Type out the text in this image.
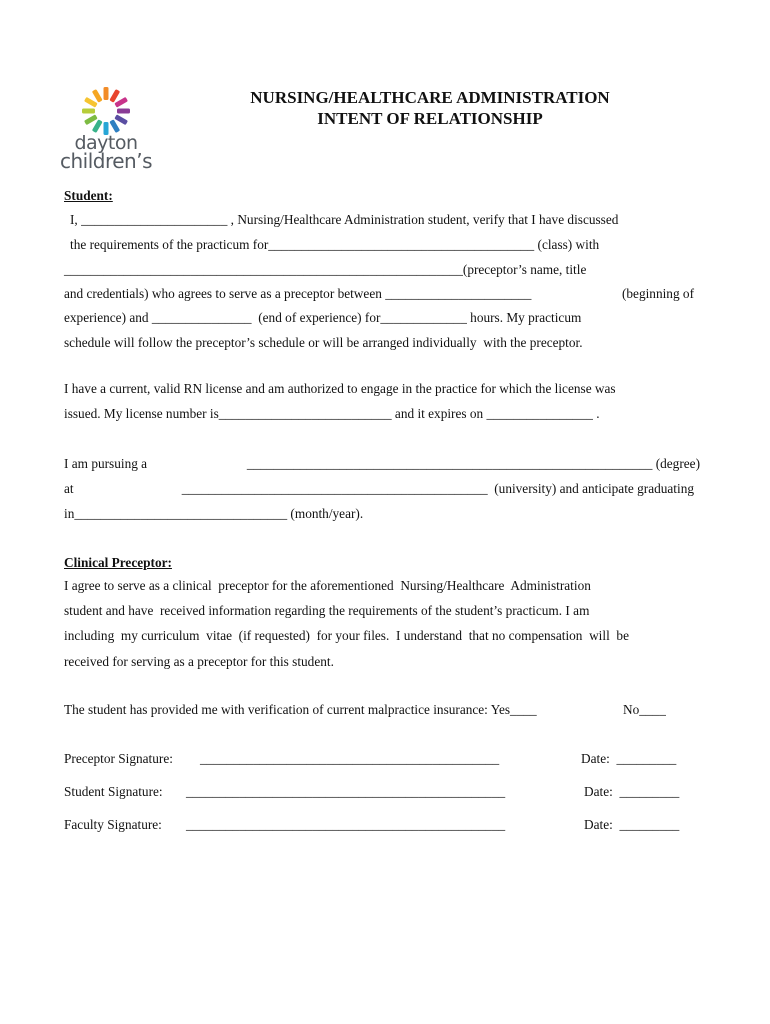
dayton
children’s
NURSING/HEALTHCARE ADMINISTRATION
INTENT OF RELATIONSHIP
Student:
I, ______________________ , Nursing/Healthcare Administration student, verify that I have discussed
the requirements of the practicum for________________________________________ (class) with
____________________________________________________________(preceptor’s name, title
and credentials) who agrees to serve as a preceptor between ______________________	(beginning of
experience) and _______________  (end of experience) for_____________ hours. My practicum
schedule will follow the preceptor’s schedule or will be arranged individually  with the preceptor.
I have a current, valid RN license and am authorized to engage in the practice for which the license was
issued. My license number is__________________________ and it expires on ________________ .
I am pursuing a	_____________________________________________________________ (degree)
at	______________________________________________  (university) and anticipate graduating
in________________________________ (month/year).
Clinical Preceptor:
I agree to serve as a clinical  preceptor for the aforementioned  Nursing/Healthcare  Administration
student and have  received information regarding the requirements of the student’s practicum. I am
including  my curriculum  vitae  (if requested)  for your files.  I understand  that no compensation  will  be
received for serving as a preceptor for this student.
The student has provided me with verification of current malpractice insurance: Yes____	No____
Preceptor Signature: _____________________________________________	Date:  _________
Student Signature: ________________________________________________	Date:  _________
Faculty Signature: ________________________________________________	Date:  _________
